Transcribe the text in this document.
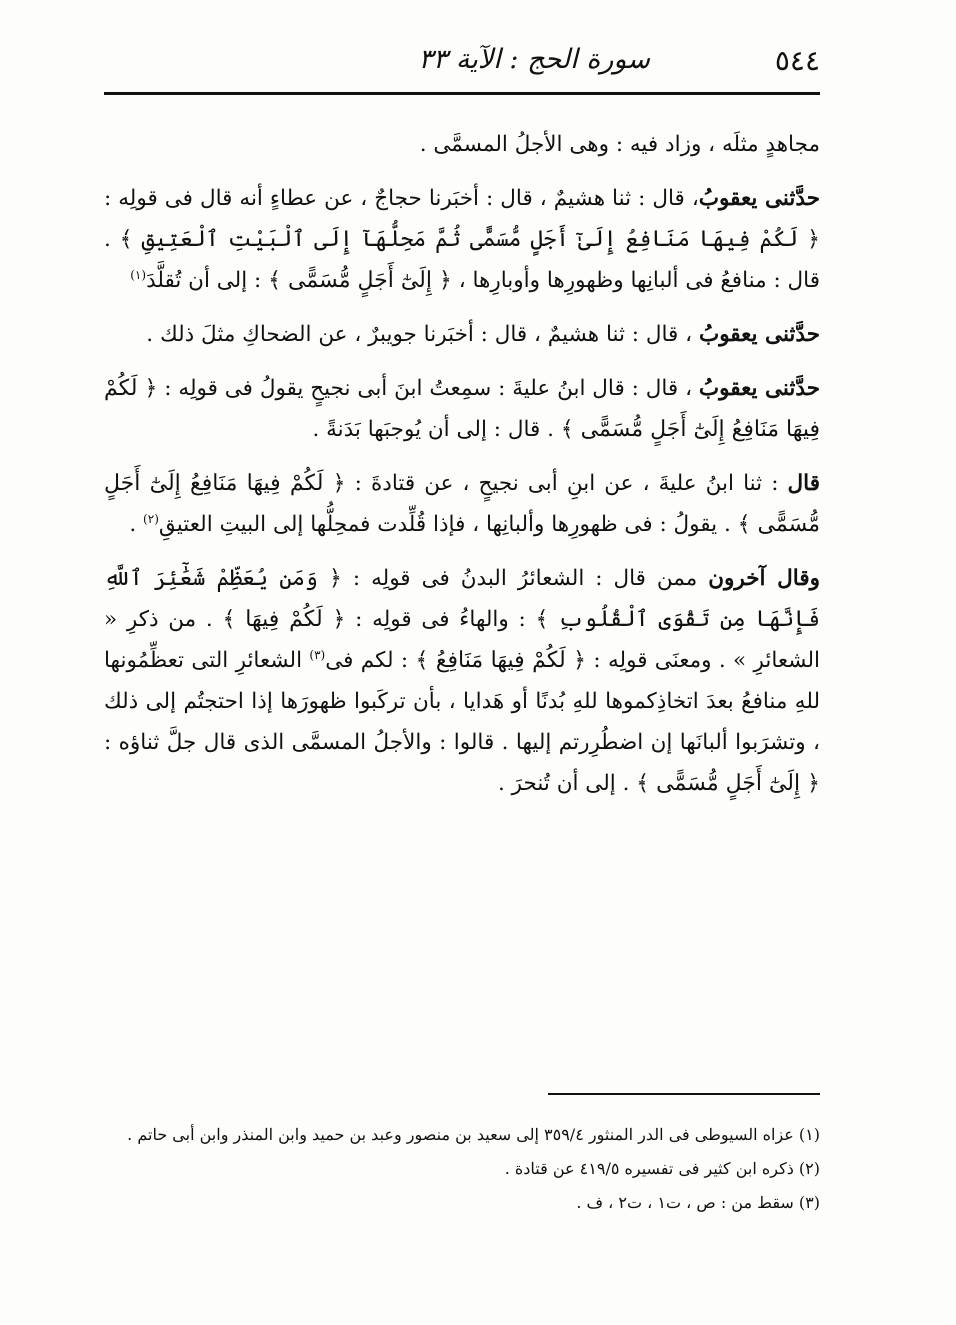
٥٤٤
سورة الحج : الآية ٣٣

مجاهدٍ مثلَه ، وزاد فيه : وهى الأجلُ المسمَّى .

حدَّثنى يعقوبُ، قال : ثنا هشيمٌ ، قال : أخبَرنا حجاجٌ ، عن عطاءٍ أنه قال فى قولِه : ﴿ لَكُمْ فِيهَا مَنَافِعُ إِلَىٰٓ أَجَلٍ مُّسَمًّى ثُمَّ مَحِلُّهَآ إِلَى ٱلْبَيْتِ ٱلْعَتِيقِ ﴾ . قال : منافعُ فى ألبانِها وظهورِها وأوبارِها ، ﴿ إِلَىٰٓ أَجَلٍ مُّسَمًّى ﴾ : إلى أن تُقلَّدَ$^{(١)}$

حدَّثنى يعقوبُ ، قال : ثنا هشيمٌ ، قال : أخبَرنا جويبرٌ ، عن الضحاكِ مثلَ ذلك .

حدَّثنى يعقوبُ ، قال : قال ابنُ عليةَ : سمِعتُ ابنَ أبى نجيحٍ يقولُ فى قولِه : ﴿ لَكُمْ فِيهَا مَنَافِعُ إِلَىٰٓ أَجَلٍ مُّسَمًّى ﴾ . قال : إلى أن يُوجبَها بَدَنةً .

قال : ثنا ابنُ عليةَ ، عن ابنِ أبى نجيحٍ ، عن قتادةَ : ﴿ لَكُمْ فِيهَا مَنَافِعُ إِلَىٰٓ أَجَلٍ مُّسَمًّى ﴾ . يقولُ : فى ظهورِها وألبانِها ، فإذا قُلِّدت فمحِلُّها إلى البيتِ العتيقِ$^{(٢)}$ .

وقال آخرون ممن قال : الشعائرُ البدنُ فى قولِه : ﴿ وَمَن يُعَظِّمْ شَعَٰٓئِرَ ٱللَّهِ فَإِنَّهَا مِن تَقْوَى ٱلْقُلُوبِ ﴾ : والهاءُ فى قولِه : ﴿ لَكُمْ فِيهَا ﴾ . من ذكرِ « الشعائرِ » . ومعنَى قولِه : ﴿ لَكُمْ فِيهَا مَنَافِعُ ﴾ : لكم فى$^{(٣)}$ الشعائرِ التى تعظِّمُونها للهِ منافعُ بعدَ اتخاذِكموها للهِ بُدنًا أو هَدايا ، بأن تركَبوا ظهورَها إذا احتجتُم إلى ذلك ، وتشرَبوا ألبانَها إن اضطُرِرتم إليها . قالوا : والأجلُ المسمَّى الذى قال جلَّ ثناؤه : ﴿ إِلَىٰٓ أَجَلٍ مُّسَمًّى ﴾ . إلى أن تُنحرَ .

(١) عزاه السيوطى فى الدر المنثور ٣٥٩/٤ إلى سعيد بن منصور وعبد بن حميد وابن المنذر وابن أبى حاتم .

(٢) ذكره ابن كثير فى تفسيره ٤١٩/٥ عن قتادة .

(٣) سقط من : ص ، ت١ ، ت٢ ، ف .
